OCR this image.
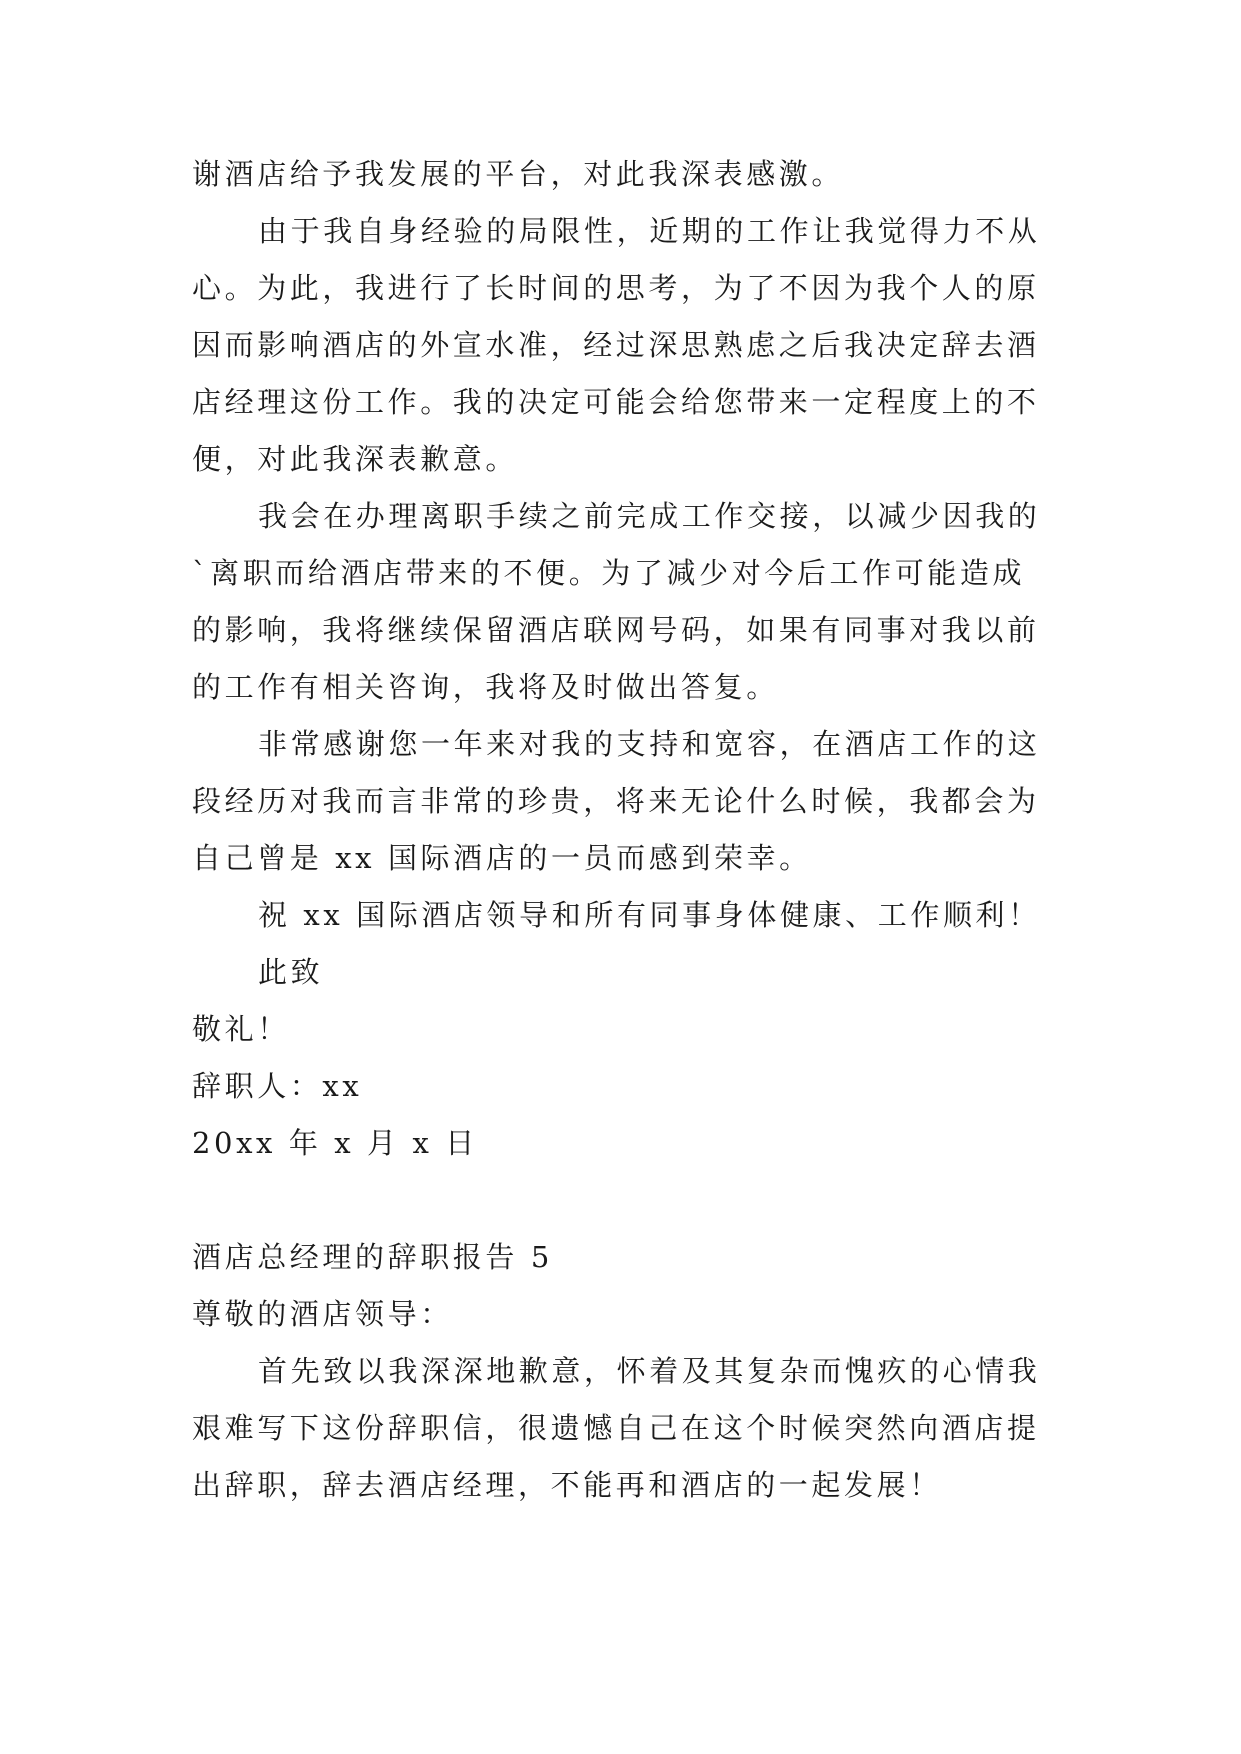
谢酒店给予我发展的平台，对此我深表感激。
由于我自身经验的局限性，近期的工作让我觉得力不从
心。为此，我进行了长时间的思考，为了不因为我个人的原
因而影响酒店的外宣水准，经过深思熟虑之后我决定辞去酒
店经理这份工作。我的决定可能会给您带来一定程度上的不
便，对此我深表歉意。
我会在办理离职手续之前完成工作交接，以减少因我的
`离职而给酒店带来的不便。为了减少对今后工作可能造成
的影响，我将继续保留酒店联网号码，如果有同事对我以前
的工作有相关咨询，我将及时做出答复。
非常感谢您一年来对我的支持和宽容，在酒店工作的这
段经历对我而言非常的珍贵，将来无论什么时候，我都会为
自己曾是 xx 国际酒店的一员而感到荣幸。
祝 xx 国际酒店领导和所有同事身体健康、工作顺利！
此致
敬礼！
辞职人：xx
20xx 年 x 月 x 日
酒店总经理的辞职报告 5
尊敬的酒店领导：
首先致以我深深地歉意，怀着及其复杂而愧疚的心情我
艰难写下这份辞职信，很遗憾自己在这个时候突然向酒店提
出辞职，辞去酒店经理，不能再和酒店的一起发展！
